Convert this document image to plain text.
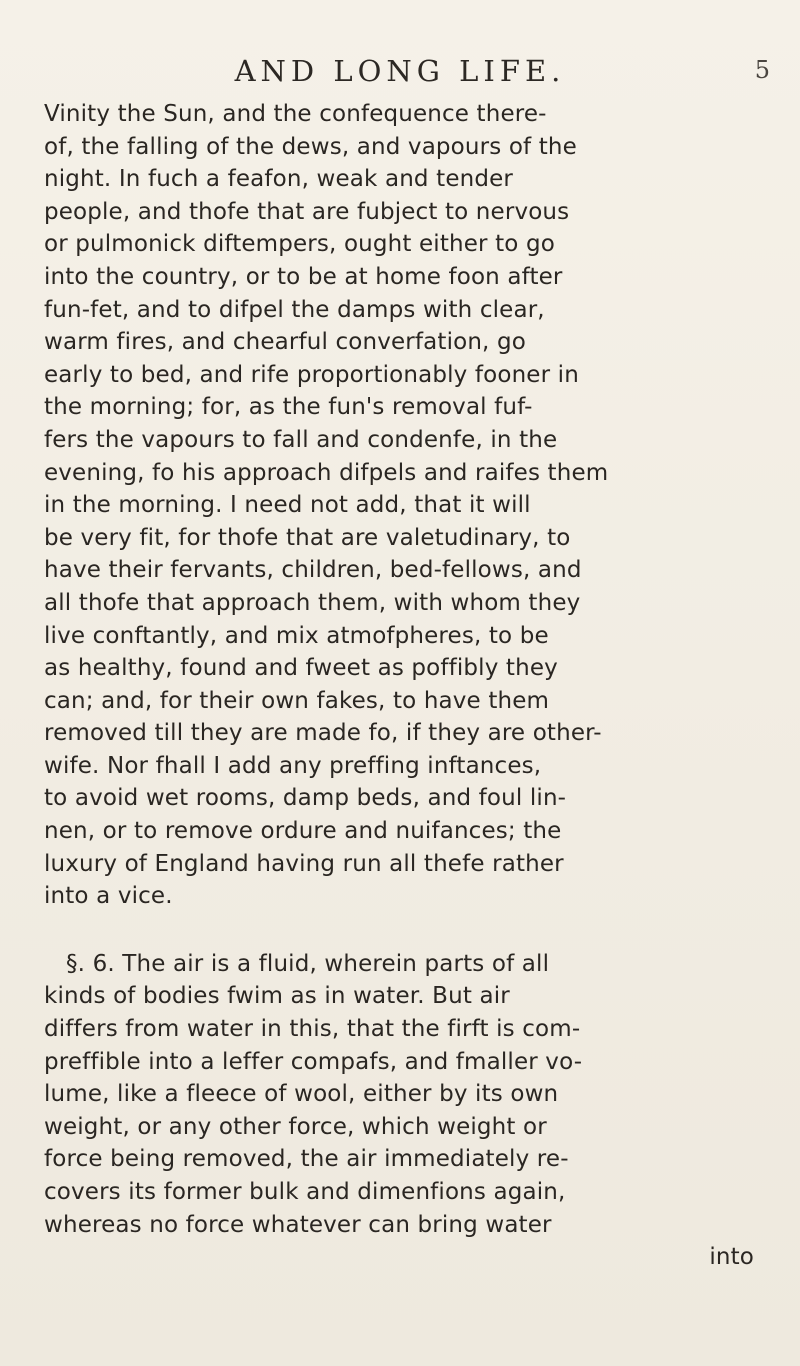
AND LONG LIFE.	5
Vinity the Sun, and the confequence there-
of, the falling of the dews, and vapours of the
night. In fuch a feafon, weak and tender
people, and thofe that are fubject to nervous
or pulmonick diftempers, ought either to go
into the country, or to be at home foon after
fun-fet, and to difpel the damps with clear,
warm fires, and chearful converfation, go
early to bed, and rife proportionably fooner in
the morning; for, as the fun's removal fuf-
fers the vapours to fall and condenfe, in the
evening, fo his approach difpels and raifes them
in the morning. I need not add, that it will
be very fit, for thofe that are valetudinary, to
have their fervants, children, bed-fellows, and
all thofe that approach them, with whom they
live conftantly, and mix atmofpheres, to be
as healthy, found and fweet as poffibly they
can; and, for their own fakes, to have them
removed till they are made fo, if they are other-
wife. Nor fhall I add any preffing inftances,
to avoid wet rooms, damp beds, and foul lin-
nen, or to remove ordure and nuifances; the
luxury of England having run all thefe rather
into a vice.
§. 6. The air is a fluid, wherein parts of all
kinds of bodies fwim as in water. But air
differs from water in this, that the firft is com-
preffible into a leffer compafs, and fmaller vo-
lume, like a fleece of wool, either by its own
weight, or any other force, which weight or
force being removed, the air immediately re-
covers its former bulk and dimenfions again,
whereas no force whatever can bring water
into
